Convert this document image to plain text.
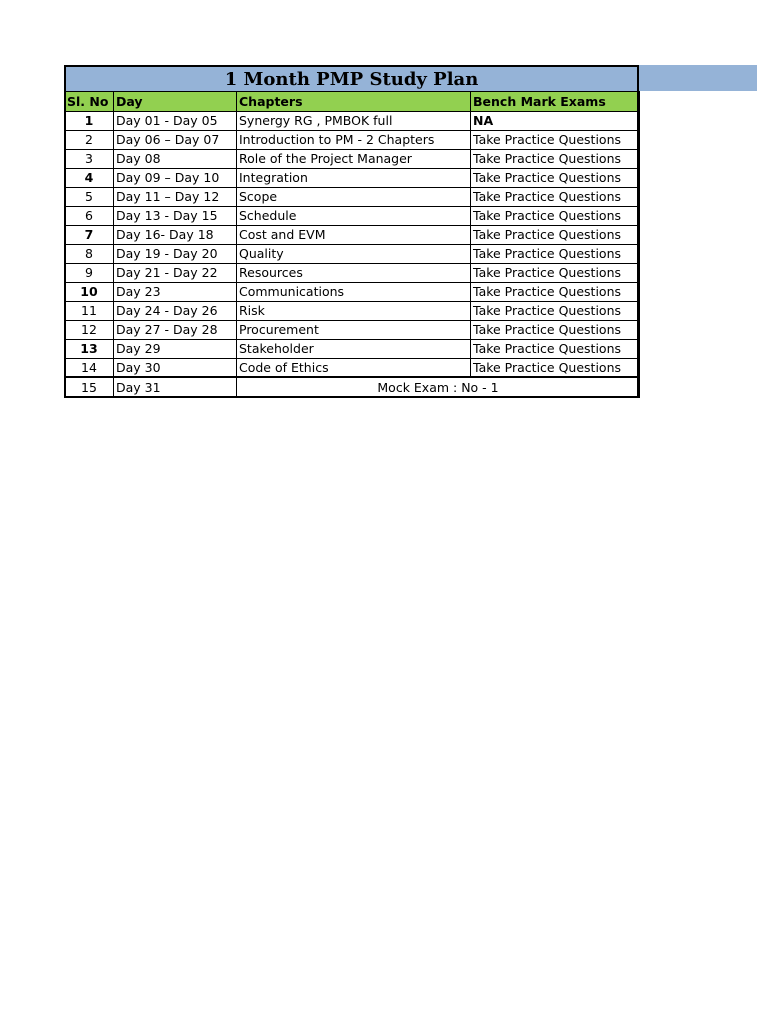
1 Month PMP Study Plan
Sl. No	Day	Chapters	Bench Mark Exams
1	Day 01 - Day 05	Synergy RG , PMBOK full	NA
2	Day 06 – Day 07	Introduction to PM - 2 Chapters	Take Practice Questions
3	Day 08	Role of the Project Manager	Take Practice Questions
4	Day 09 – Day 10	Integration	Take Practice Questions
5	Day 11 – Day 12	Scope	Take Practice Questions
6	Day 13 - Day 15	Schedule	Take Practice Questions
7	Day 16- Day 18	Cost and EVM	Take Practice Questions
8	Day 19 - Day 20	Quality	Take Practice Questions
9	Day 21 - Day 22	Resources	Take Practice Questions
10	Day 23	Communications	Take Practice Questions
11	Day 24 - Day 26	Risk	Take Practice Questions
12	Day 27 - Day 28	Procurement	Take Practice Questions
13	Day 29	Stakeholder	Take Practice Questions
14	Day 30	Code of Ethics	Take Practice Questions
15	Day 31	Mock Exam : No - 1	
